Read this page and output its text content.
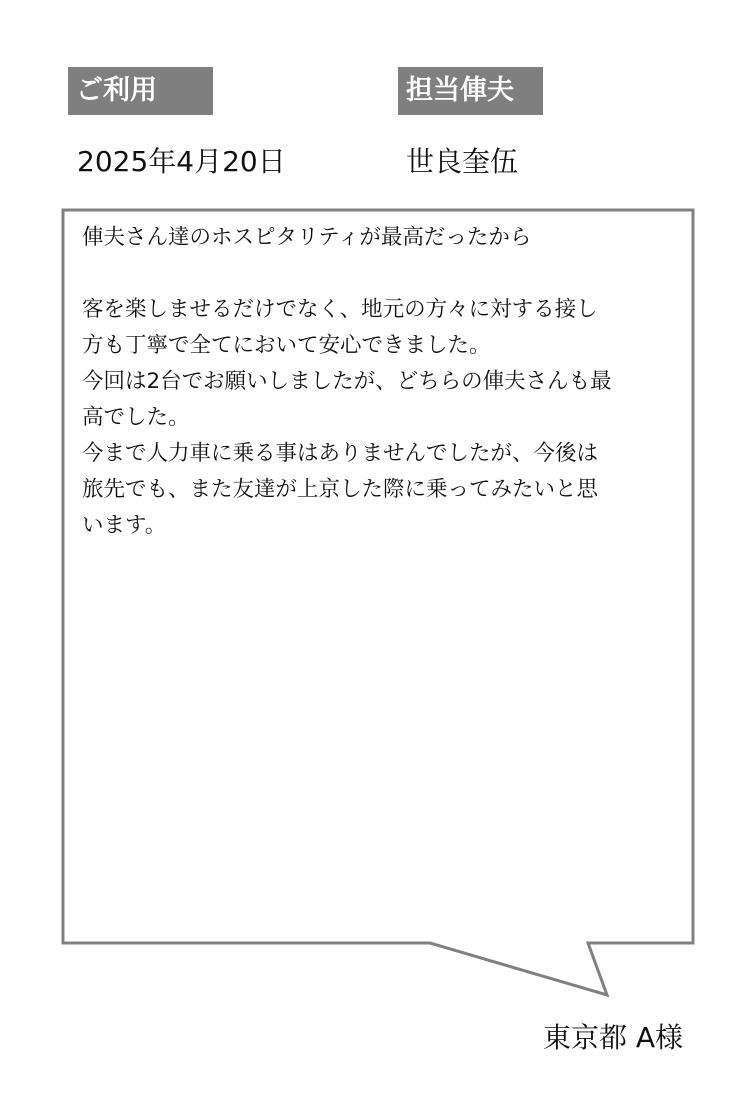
ご利用	担当俥夫
2025年4月20日	世良奎伍

俥夫さん達のホスピタリティが最高だったから

客を楽しませるだけでなく、地元の方々に対する接し

方も丁寧で全てにおいて安心できました。

今回は2台でお願いしましたが、どちらの俥夫さんも最

高でした。

今まで人力車に乗る事はありませんでしたが、今後は

旅先でも、また友達が上京した際に乗ってみたいと思

います。

東京都 A様
